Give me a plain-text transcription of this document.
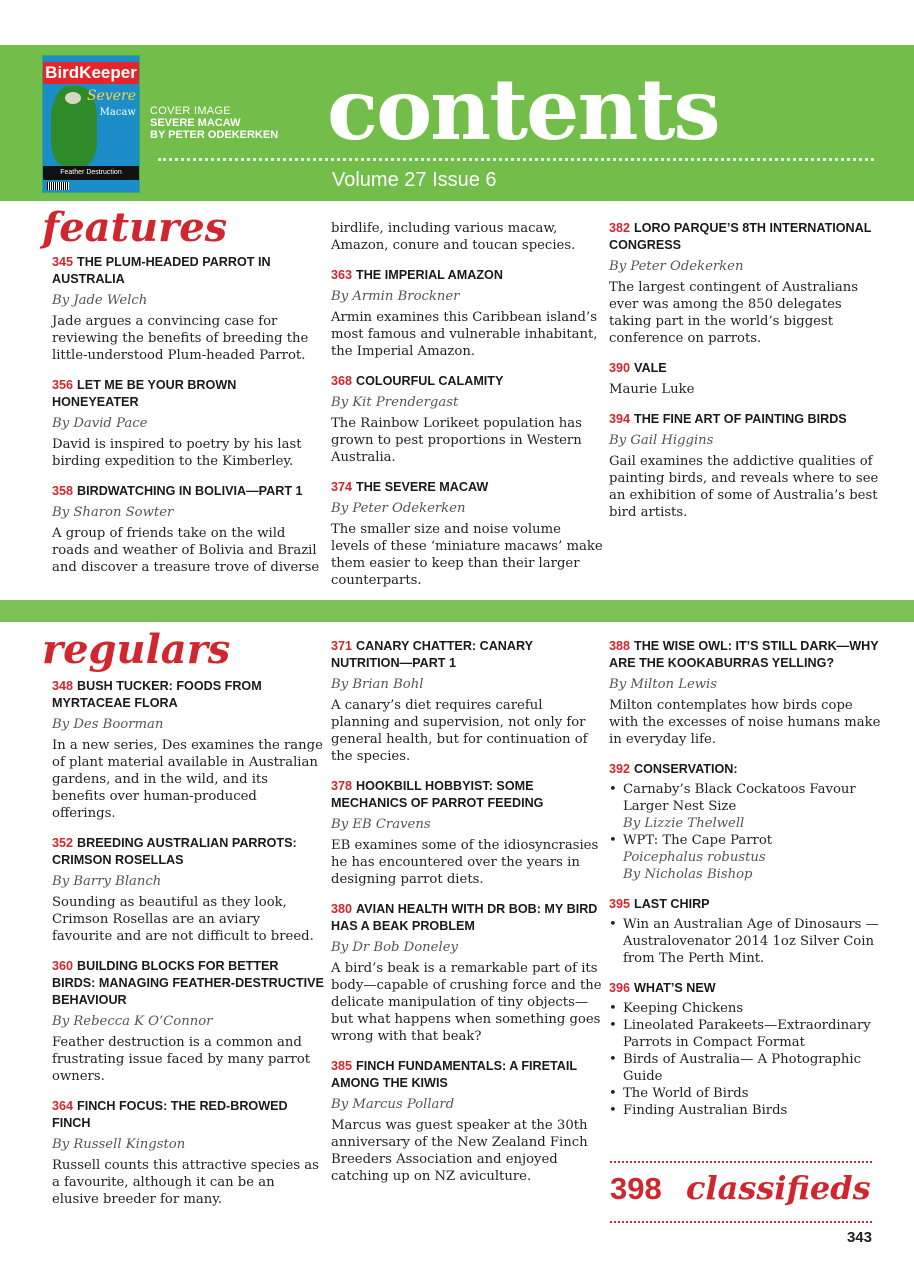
BirdKeeper
Severe
Macaw
Feather Destruction
COVER IMAGE
SEVERE MACAW
BY PETER ODEKERKEN contents
Volume 27 Issue 6
features
345 THE PLUM-HEADED PARROT IN AUSTRALIA
By Jade Welch
Jade argues a convincing case for reviewing the benefits of breeding the little-understood Plum-headed Parrot.
356 LET ME BE YOUR BROWN HONEYEATER
By David Pace
David is inspired to poetry by his last birding expedition to the Kimberley.
358 BIRDWATCHING IN BOLIVIA—PART 1
By Sharon Sowter
A group of friends take on the wild roads and weather of Bolivia and Brazil and discover a treasure trove of diverse
birdlife, including various macaw, Amazon, conure and toucan species.
363 THE IMPERIAL AMAZON
By Armin Brockner
Armin examines this Caribbean island’s most famous and vulnerable inhabitant, the Imperial Amazon.
368 COLOURFUL CALAMITY
By Kit Prendergast
The Rainbow Lorikeet population has grown to pest proportions in Western Australia.
374 THE SEVERE MACAW
By Peter Odekerken
The smaller size and noise volume levels of these ‘miniature macaws’ make them easier to keep than their larger counterparts.
382 LORO PARQUE’S 8TH INTERNATIONAL CONGRESS
By Peter Odekerken
The largest contingent of Australians ever was among the 850 delegates taking part in the world’s biggest conference on parrots.
390 VALE
Maurie Luke
394 THE FINE ART OF PAINTING BIRDS
By Gail Higgins
Gail examines the addictive qualities of painting birds, and reveals where to see an exhibition of some of Australia’s best bird artists.
regulars
348 BUSH TUCKER: FOODS FROM MYRTACEAE FLORA
By Des Boorman
In a new series, Des examines the range of plant material available in Australian gardens, and in the wild, and its benefits over human-produced offerings.
352 BREEDING AUSTRALIAN PARROTS: CRIMSON ROSELLAS
By Barry Blanch
Sounding as beautiful as they look, Crimson Rosellas are an aviary favourite and are not difficult to breed.
360 BUILDING BLOCKS FOR BETTER BIRDS: MANAGING FEATHER-DESTRUCTIVE BEHAVIOUR
By Rebecca K O’Connor
Feather destruction is a common and frustrating issue faced by many parrot owners.
364 FINCH FOCUS: THE RED-BROWED FINCH
By Russell Kingston
Russell counts this attractive species as a favourite, although it can be an elusive breeder for many.
371 CANARY CHATTER: CANARY NUTRITION—PART 1
By Brian Bohl
A canary’s diet requires careful planning and supervision, not only for general health, but for continuation of the species.
378 HOOKBILL HOBBYIST: SOME MECHANICS OF PARROT FEEDING
By EB Cravens
EB examines some of the idiosyncrasies he has encountered over the years in designing parrot diets.
380 AVIAN HEALTH WITH DR BOB: MY BIRD HAS A BEAK PROBLEM
By Dr Bob Doneley
A bird’s beak is a remarkable part of its body—capable of crushing force and the delicate manipulation of tiny objects—but what happens when something goes wrong with that beak?
385 FINCH FUNDAMENTALS: A FIRETAIL AMONG THE KIWIS
By Marcus Pollard
Marcus was guest speaker at the 30th anniversary of the New Zealand Finch Breeders Association and enjoyed catching up on NZ aviculture.
388 THE WISE OWL: IT’S STILL DARK—WHY ARE THE KOOKABURRAS YELLING?
By Milton Lewis
Milton contemplates how birds cope with the excesses of noise humans make in everyday life.
392 CONSERVATION:
• Carnaby’s Black Cockatoos Favour Larger Nest Size
By Lizzie Thelwell
• WPT: The Cape Parrot
Poicephalus robustus
By Nicholas Bishop
395 LAST CHIRP
• Win an Australian Age of Dinosaurs —Australovenator 2014 1oz Silver Coin from The Perth Mint.
396 WHAT’S NEW
• Keeping Chickens
• Lineolated Parakeets—Extraordinary Parrots in Compact Format
• Birds of Australia— A Photographic Guide
• The World of Birds
• Finding Australian Birds
398 classifieds
343
